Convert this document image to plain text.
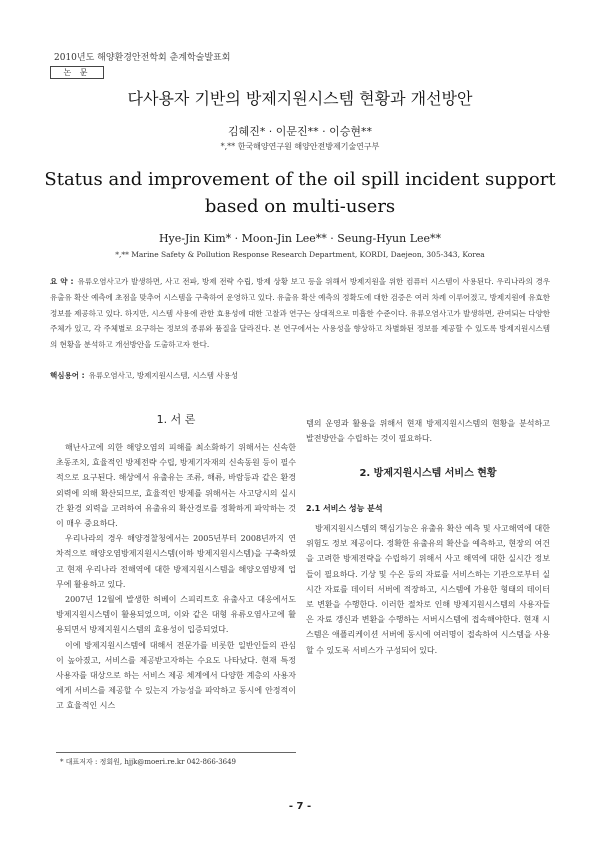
2010년도 해양환경안전학회 춘계학술발표회
논 문
다사용자 기반의 방제지원시스템 현황과 개선방안
김혜진* · 이문진** · 이승현**
*,** 한국해양연구원 해양안전방제기술연구부
Status and improvement of the oil spill incident support
based on multi-users
Hye-Jin Kim* · Moon-Jin Lee** · Seung-Hyun Lee**
*,** Marine Safety & Pollution Response Research Department, KORDI, Daejeon, 305-343, Korea
요 약 : 유류오염사고가 발생하면, 사고 전파, 방제 전략 수립, 방제 상황 보고 등을 위해서 방제지원을 위한 컴퓨터 시스템이 사용된다. 우리나라의 경우 유출유 확산 예측에 초점을 맞추어 시스템을 구축하여 운영하고 있다. 유출유 확산 예측의 정확도에 대한 검증은 여러 차례 이루어졌고, 방제지원에 유효한 정보를 제공하고 있다. 하지만, 시스템 사용에 관한 효용성에 대한 고찰과 연구는 상대적으로 미흡한 수준이다. 유류오염사고가 발생하면, 관여되는 다양한 주체가 있고, 각 주체별로 요구하는 정보의 종류와 품질을 달라진다. 본 연구에서는 사용성을 향상하고 차별화된 정보를 제공할 수 있도록 방제지원시스템의 현황을 분석하고 개선방안을 도출하고자 한다.
핵심용어 : 유류오염사고, 방제지원시스템, 시스템 사용성
1. 서 론

해난사고에 의한 해양오염의 피해를 최소화하기 위해서는 신속한 초동조치, 효율적인 방제전략 수립, 방제기자재의 신속동원 등이 필수적으로 요구된다. 해상에서 유출유는 조류, 해류, 바람등과 같은 환경외력에 의해 확산되므로, 효율적인 방제를 위해서는 사고당시의 실시간 환경 외력을 고려하여 유출유의 확산경로를 정확하게 파악하는 것이 매우 중요하다.

우리나라의 경우 해양경찰청에서는 2005년부터 2008년까지 연차적으로 해양오염방제지원시스템(이하 방제지원시스템)을 구축하였고 현재 우리나라 전해역에 대한 방제지원시스템을 해양오염방제 업무에 활용하고 있다.

2007년 12월에 발생한 허베이 스피리트호 유출사고 대응에서도 방제지원시스템이 활용되었으며, 이와 같은 대형 유류오염사고에 활용되면서 방제지원시스템의 효용성이 입증되었다.

이에 방제지원시스템에 대해서 전문가를 비롯한 일반인들의 관심이 높아졌고, 서비스를 제공받고자하는 수요도 나타났다. 현재 특정 사용자를 대상으로 하는 서비스 제공 체계에서 다양한 계층의 사용자에게 서비스를 제공할 수 있는지 가능성을 파악하고 동시에 안정적이고 효율적인 시스

템의 운영과 활용을 위해서 현재 방제지원시스템의 현황을 분석하고 발전방안을 수립하는 것이 필요하다.

2. 방제지원시스템 서비스 현황
2.1 서비스 성능 분석

방제지원시스템의 핵심기능은 유출유 확산 예측 및 사고해역에 대한 위험도 정보 제공이다. 정확한 유출유의 확산을 예측하고, 현장의 여건을 고려한 방제전략을 수립하기 위해서 사고 해역에 대한 실시간 정보들이 필요하다. 기상 및 수온 등의 자료를 서비스하는 기관으로부터 실시간 자료를 데이터 서버에 적장하고, 시스템에 가용한 형태의 데이터로 변환을 수행한다. 이러한 절차로 인해 방제지원시스템의 사용자들은 자료 갱신과 변환을 수행하는 서버시스템에 접속해야한다. 현재 시스템은 애플리케이션 서버에 동시에 여러명이 접속하여 시스템을 사용할 수 있도록 서비스가 구성되어 있다.

* 대표저자 : 정회원, hjjk@moeri.re.kr 042-866-3649
- 7 -
